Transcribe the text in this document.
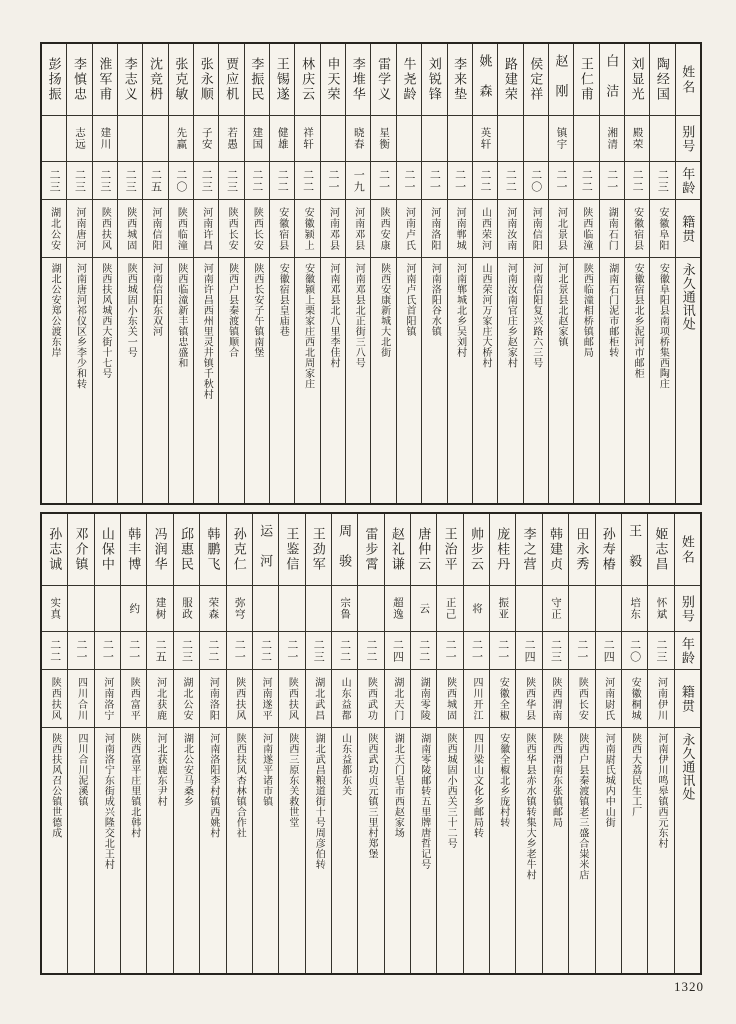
彭扬振
二三
湖北公安
湖北公安郑公渡东岸
李慎忠
志远
二三
河南唐河
河南唐河祁仪区乡李少和转
淮军甫
建川
二三
陕西扶风
陕西扶风城西大街十七号
李志义
二三
陕西城固
陕西城固小东关一号
沈竞枬
二五
河南信阳
河南信阳东双河
张克敏
先赢
二〇
陕西临潼
陕西临潼新丰镇忠盛和
张永顺
子安
二三
河南许昌
河南许昌西州里灵井镇千秋村
贾应机
若愚
二三
陕西长安
陕西户县秦渡镇顺合
李振民
建国
二二
陕西长安
陕西长安子午镇南堡
王锡遂
健雄
二二
安徽宿县
安徽宿县皇庙巷
林庆云
祥轩
二二
安徽颍上
安徽颍上栗家庄西北周家庄
申天荣
二一
河南邓县
河南邓县北八里李佳村
李堆华
晓春
一九
河南邓县
河南邓县北正街三八号
雷学义
星衡
二一
陕西安康
陕西安康新城大北街
牛尧龄
二一
河南卢氏
河南卢氏首阳镇
刘锐锋
二一
河南洛阳
河南洛阳谷水镇
李来垫
二一
河南郸城
河南郸城北乡吴刘村
姚森
英轩
二二
山西荣河
山西荣河万家庄大桥村
路建荣
二二
河南汝南
河南汝南官庄乡赵家村
侯定祥
二〇
河南信阳
河南信阳复兴路六三号
赵刚
镇宇
二一
河北景县
河北景县北赵家镇
王仁甫
二二
陕西临潼
陕西临潼相桥镇邮局
白洁
湘清
二一
湖南石门
湖南石门泥市邮柜转
刘显光
殿荣
二二
安徽宿县
安徽宿县北乡泥河市邮柜
陶经国
二三
安徽阜阳
安徽阜阳县南项桥集西陶庄
姓名
别号
年龄
籍贯
永久通讯处
孙志诚
实真
二二
陕西扶风
陕西扶风召公镇世德成
邓介镇
二一
四川合川
四川合川泥溪镇
山保中
二一
河南洛宁
河南洛宁东街成兴隆交北王村
韩丰博
约
二一
陕西富平
陕西富平庄里镇北韩村
冯润华
建树
二五
河北获鹿
河北获鹿东尹村
邱惠民
服政
二三
湖北公安
湖北公安马桑乡
韩鹏飞
荣森
二二
河南洛阳
河南洛阳李村镇西姚村
孙克仁
弥穹
二一
陕西扶风
陕西扶风杏林镇合作社
运河
二二
河南遂平
河南遂平诸市镇
王鉴信
二一
陕西扶风
陕西三原东关救世堂
王劲军
二三
湖北武昌
湖北武昌粮道街十号周彦伯转
周骏
宗鲁
二二
山东益都
山东益都东关
雷步霄
二二
陕西武功
陕西武功贞元镇三里村郑堡
赵礼谦
超逸
二四
湖北天门
湖北天门皂市西赵家场
唐仲云
云
二二
湖南零陵
湖南零陵邮转五里牌唐哲记号
王治平
正己
二一
陕西城固
陕西城固小西关三十二号
帅步云
将
二一
四川开江
四川梁山文化乡邮局转
庞桂丹
振亚
二一
安徽全椒
安徽全椒北乡庞村转
李之营
二四
陕西华县
陕西华县赤水镇转集大乡老牛村
韩建贞
守正
二三
陕西渭南
陕西渭南东张镇邮局
田永秀
二一
陕西长安
陕西户县秦渡镇老三盛合粜米店
孙寿椿
二四
河南尉氏
河南尉氏城内中山街
王毅
培东
二〇
安徽桐城
陕西大荔民生工厂
姬志昌
怀斌
二三
河南伊川
河南伊川鸣皋镇西元东村
姓名
别号
年龄
籍贯
永久通讯处
1320
